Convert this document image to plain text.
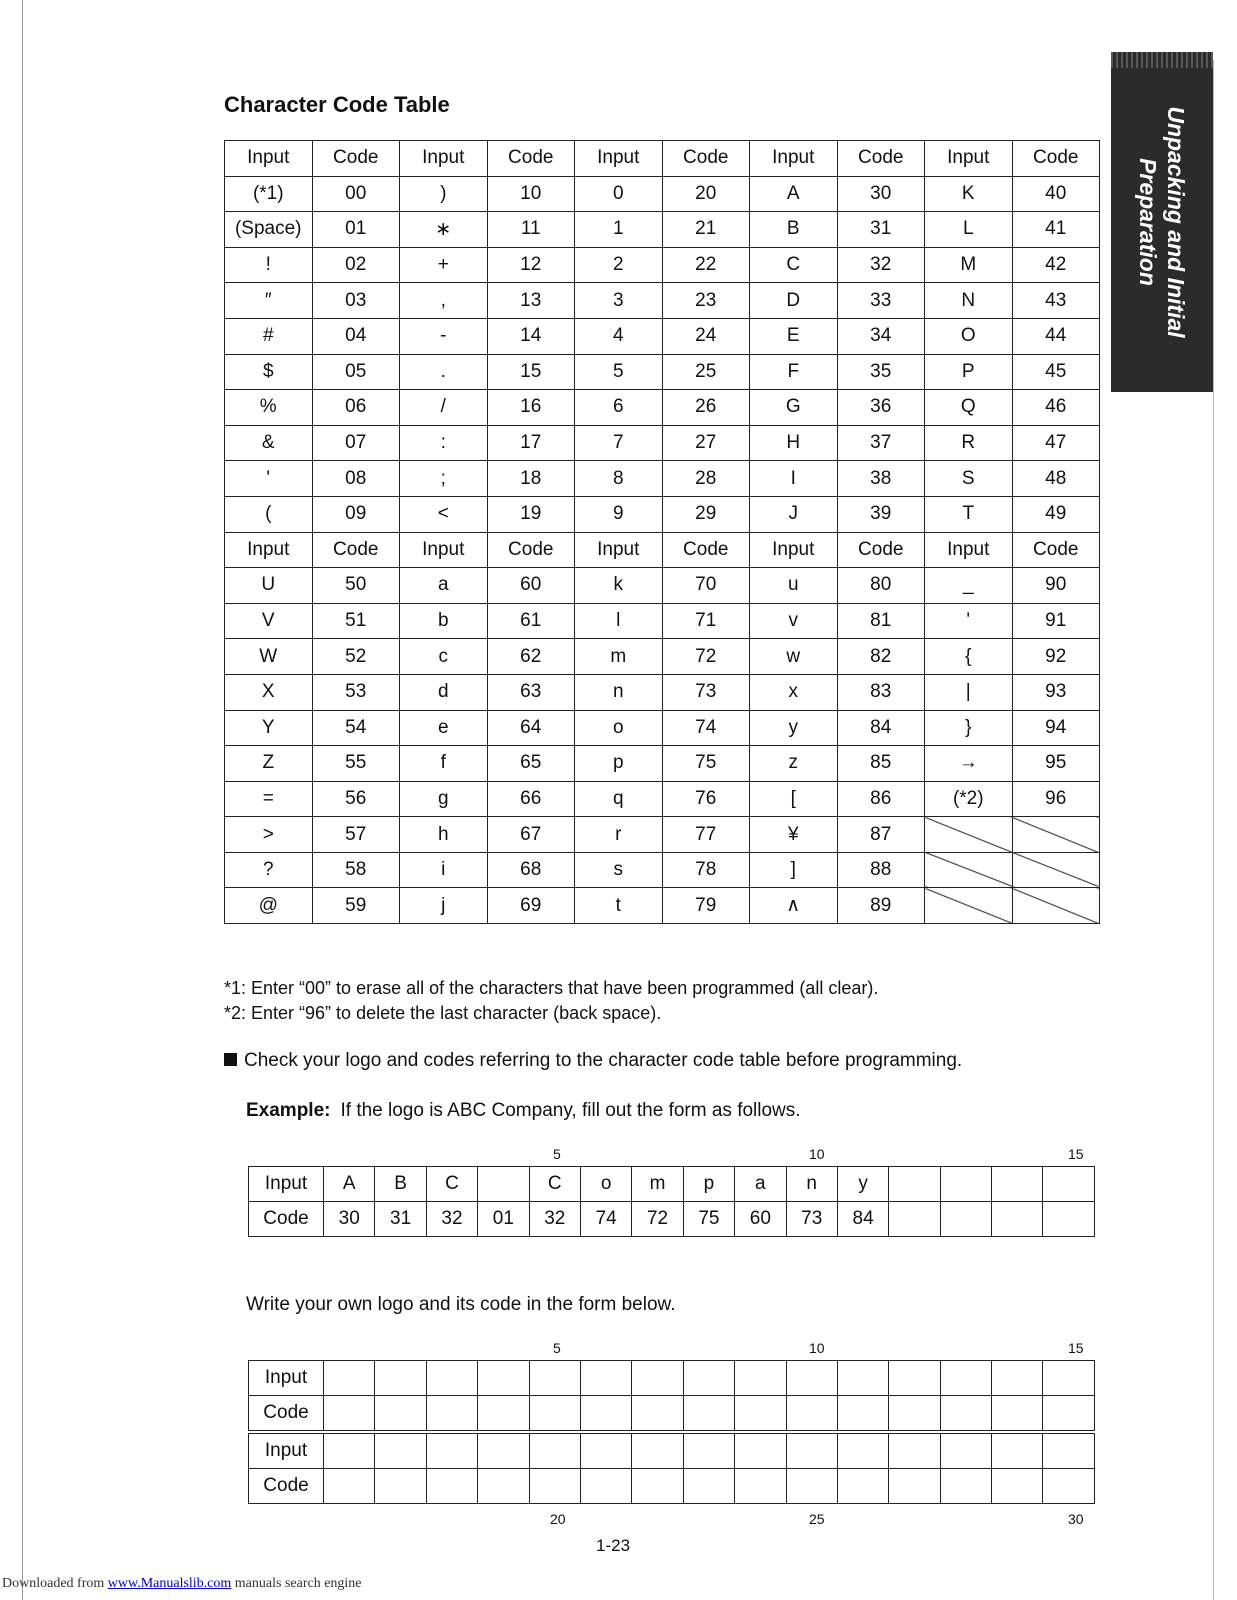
Unpacking and Initial
Preparation
Character Code Table
Input	Code	Input	Code	Input	Code	Input	Code	Input	Code
(*1)	00	)	10	0	20	A	30	K	40
(Space)	01	∗	11	1	21	B	31	L	41
!	02	+	12	2	22	C	32	M	42
″	03	,	13	3	23	D	33	N	43
#	04	-	14	4	24	E	34	O	44
$	05	.	15	5	25	F	35	P	45
%	06	/	16	6	26	G	36	Q	46
&	07	:	17	7	27	H	37	R	47
'	08	;	18	8	28	I	38	S	48
(	09	<	19	9	29	J	39	T	49
Input	Code	Input	Code	Input	Code	Input	Code	Input	Code
U	50	a	60	k	70	u	80	_	90
V	51	b	61	l	71	v	81	'	91
W	52	c	62	m	72	w	82	{	92
X	53	d	63	n	73	x	83	|	93
Y	54	e	64	o	74	y	84	}	94
Z	55	f	65	p	75	z	85	→	95
=	56	g	66	q	76	[	86	(*2)	96
>	57	h	67	r	77	¥	87		
?	58	i	68	s	78	]	88		
@	59	j	69	t	79	∧	89		
*1: Enter “00” to erase all of the characters that have been programmed (all clear).
*2: Enter “96” to delete the last character (back space).
Check your logo and codes referring to the character code table before programming.
Example: If the logo is ABC Company, fill out the form as follows.
5	10	15
Input	A	B	C		C	o	m	p	a	n	y				
Code	30	31	32	01	32	74	72	75	60	73	84				
Write your own logo and its code in the form below.
5	10	15
Input															
Code															
Input															
Code															
20	25	30
1-23
Downloaded from www.Manualslib.com manuals search engine
